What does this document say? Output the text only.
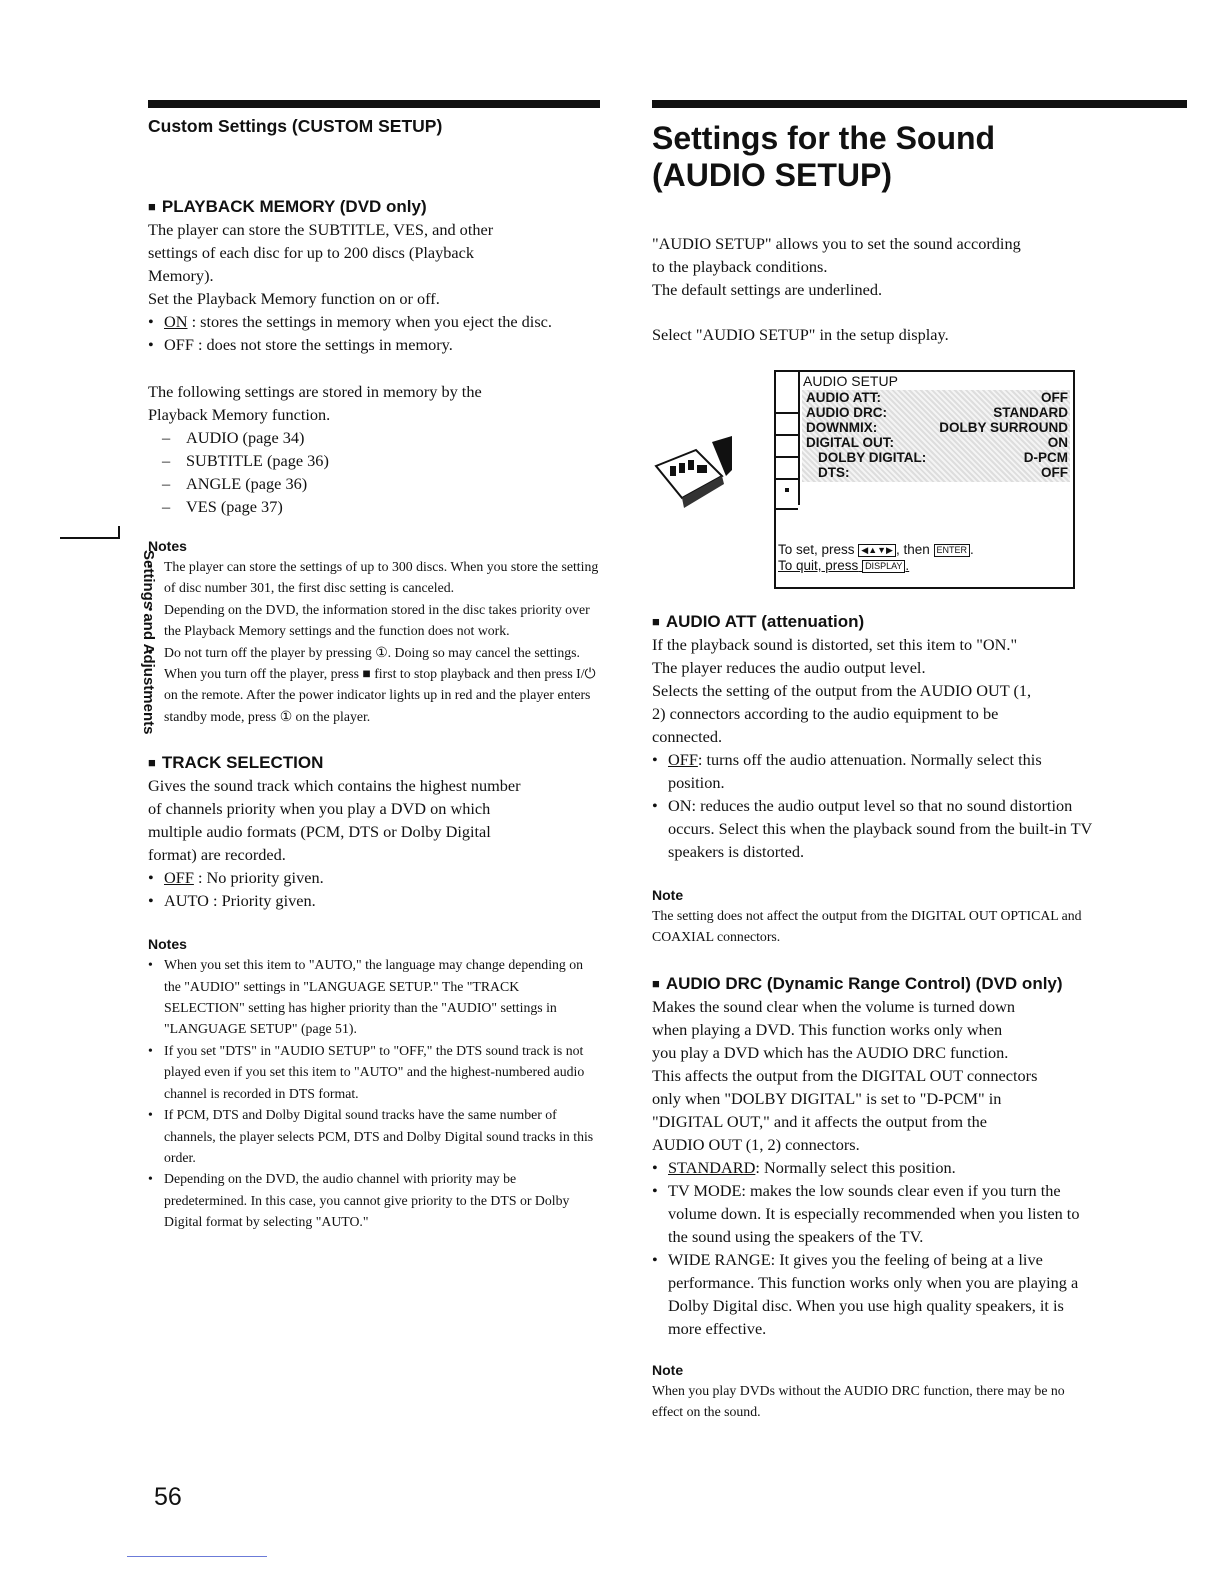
Settings and Adjustments
Custom Settings (CUSTOM SETUP)
■ PLAYBACK MEMORY (DVD only)

The player can store the SUBTITLE, VES, and other

settings of each disc for up to 200 discs (Playback

Memory).

Set the Playback Memory function on or off.

• ON : stores the settings in memory when you eject the disc.
• OFF : does not store the settings in memory.

The following settings are stored in memory by the

Playback Memory function.

– AUDIO (page 34)
– SUBTITLE (page 36)
– ANGLE (page 36)
– VES (page 37)
Notes
• The player can store the settings of up to 300 discs. When you store the setting of disc number 301, the first disc setting is canceled.
• Depending on the DVD, the information stored in the disc takes priority over the Playback Memory settings and the function does not work.
• Do not turn off the player by pressing ①. Doing so may cancel the settings. When you turn off the player, press ■ first to stop playback and then press I/⏻ on the remote. After the power indicator lights up in red and the player enters standby mode, press ① on the player.
■ TRACK SELECTION

Gives the sound track which contains the highest number

of channels priority when you play a DVD on which

multiple audio formats (PCM, DTS or Dolby Digital

format) are recorded.

• OFF : No priority given.
• AUTO : Priority given.
Notes
• When you set this item to "AUTO," the language may change depending on the "AUDIO" settings in "LANGUAGE SETUP." The "TRACK SELECTION" setting has higher priority than the "AUDIO" settings in "LANGUAGE SETUP" (page 51).
• If you set "DTS" in "AUDIO SETUP" to "OFF," the DTS sound track is not played even if you set this item to "AUTO" and the highest-numbered audio channel is recorded in DTS format.
• If PCM, DTS and Dolby Digital sound tracks have the same number of channels, the player selects PCM, DTS and Dolby Digital sound tracks in this order.
• Depending on the DVD, the audio channel with priority may be predetermined. In this case, you cannot give priority to the DTS or Dolby Digital format by selecting "AUTO."
Settings for the Sound
(AUDIO SETUP)

"AUDIO SETUP" allows you to set the sound according

to the playback conditions.

The default settings are underlined.

Select "AUDIO SETUP" in the setup display.

AUDIO SETUP
AUDIO ATT:	OFF
AUDIO DRC:	STANDARD
DOWNMIX:	DOLBY SURROUND
DIGITAL OUT:	ON
DOLBY DIGITAL:	D-PCM
DTS:	OFF
To set, press ◀▲▼▶ , then ENTER .
To quit, press DISPLAY .
■ AUDIO ATT (attenuation)

If the playback sound is distorted, set this item to "ON."

The player reduces the audio output level.

Selects the setting of the output from the AUDIO OUT (1,

2) connectors according to the audio equipment to be

connected.

• OFF: turns off the audio attenuation. Normally select this position.
• ON: reduces the audio output level so that no sound distortion occurs. Select this when the playback sound from the built-in TV speakers is distorted.
Note

The setting does not affect the output from the DIGITAL OUT OPTICAL and COAXIAL connectors.

■ AUDIO DRC (Dynamic Range Control) (DVD only)

Makes the sound clear when the volume is turned down

when playing a DVD. This function works only when

you play a DVD which has the AUDIO DRC function.

This affects the output from the DIGITAL OUT connectors

only when "DOLBY DIGITAL" is set to "D-PCM" in

"DIGITAL OUT," and it affects the output from the

AUDIO OUT (1, 2) connectors.

• STANDARD: Normally select this position.
• TV MODE: makes the low sounds clear even if you turn the volume down. It is especially recommended when you listen to the sound using the speakers of the TV.
• WIDE RANGE: It gives you the feeling of being at a live performance. This function works only when you are playing a Dolby Digital disc. When you use high quality speakers, it is more effective.
Note

When you play DVDs without the AUDIO DRC function, there may be no effect on the sound.

56
